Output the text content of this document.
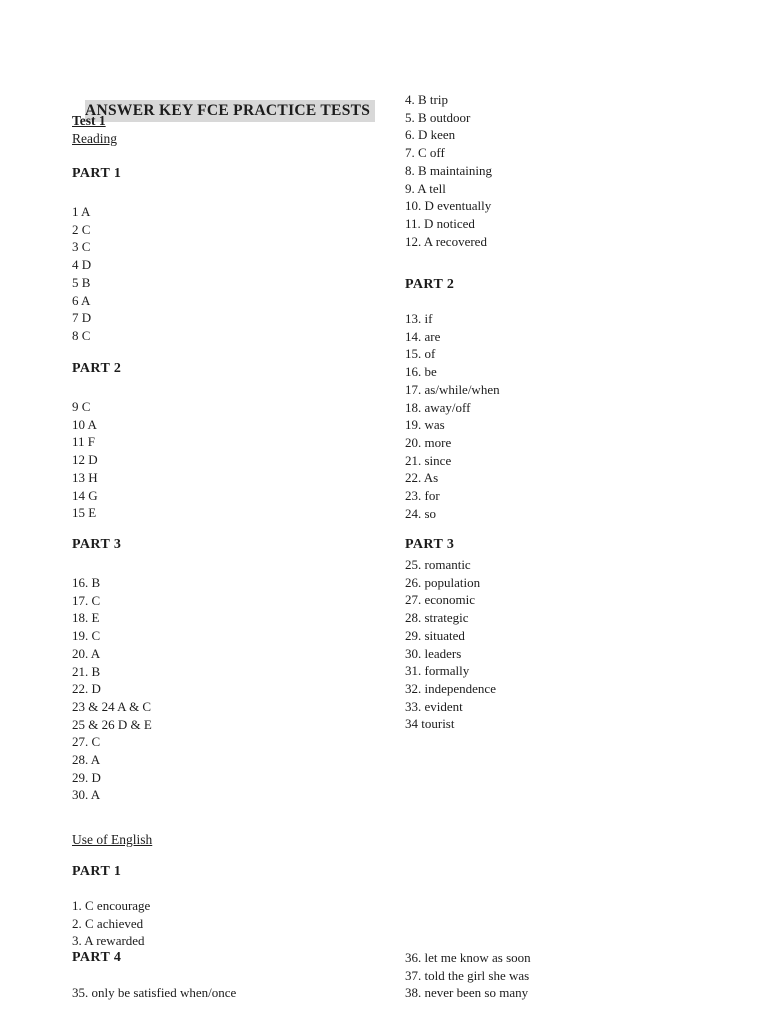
ANSWER KEY FCE PRACTICE TESTS

Test 1
Reading
PART 1
1 A
2 C
3 C
4 D
5 B
6 A
7 D
8 C
PART 2
9 C
10 A
11 F
12 D
13 H
14 G
15 E
PART 3
16. B
17. C
18. E
19. C
20. A
21. B
22. D
23 & 24 A & C
25 & 26 D & E
27. C
28. A
29. D
30. A
Use of English
PART 1
1. C encourage
2. C achieved
3. A rewarded
PART 4
35. only be satisfied when/once
4. B trip
5. B outdoor
6. D keen
7. C off
8. B maintaining
9. A tell
10. D eventually
11. D noticed
12. A recovered
PART 2
13. if
14. are
15. of
16. be
17. as/while/when
18. away/off
19. was
20. more
21. since
22. As
23. for
24. so
PART 3
25. romantic
26. population
27. economic
28. strategic
29. situated
30. leaders
31. formally
32. independence
33. evident
34 tourist
36. let me know as soon
37. told the girl she was
38. never been so many
